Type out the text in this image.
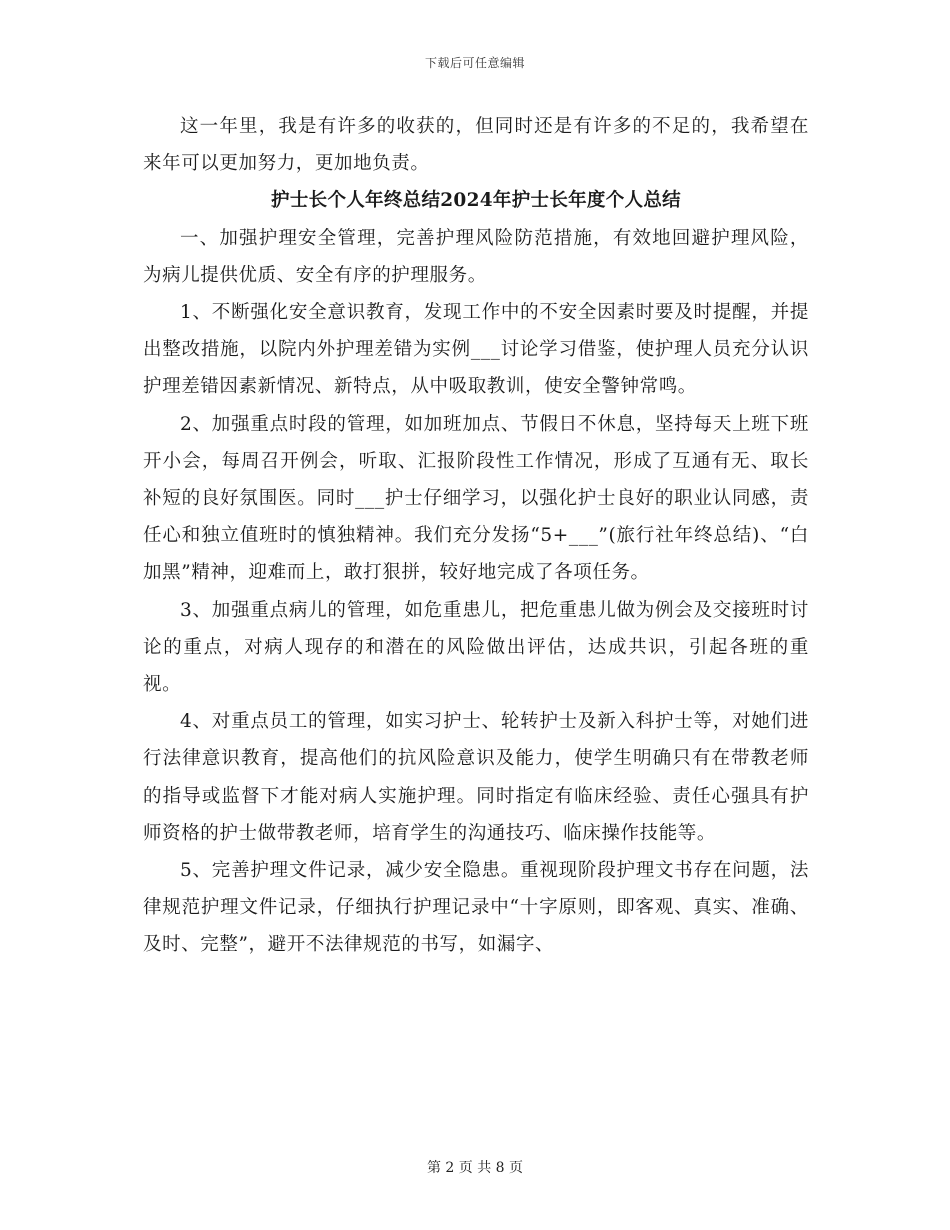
下载后可任意编辑

这一年里，我是有许多的收获的，但同时还是有许多的不足的，我希望在来年可以更加努力，更加地负责。

护士长个人年终总结2024年护士长年度个人总结

一、加强护理安全管理，完善护理风险防范措施，有效地回避护理风险，为病儿提供优质、安全有序的护理服务。

1、不断强化安全意识教育，发现工作中的不安全因素时要及时提醒，并提出整改措施，以院内外护理差错为实例___讨论学习借鉴，使护理人员充分认识护理差错因素新情况、新特点，从中吸取教训，使安全警钟常鸣。

2、加强重点时段的管理，如加班加点、节假日不休息，坚持每天上班下班开小会，每周召开例会，听取、汇报阶段性工作情况，形成了互通有无、取长补短的良好氛围医。同时___护士仔细学习，以强化护士良好的职业认同感，责任心和独立值班时的慎独精神。我们充分发扬“5+___”(旅行社年终总结)、“白加黑”精神，迎难而上，敢打狠拼，较好地完成了各项任务。

3、加强重点病儿的管理，如危重患儿，把危重患儿做为例会及交接班时讨论的重点，对病人现存的和潜在的风险做出评估，达成共识，引起各班的重视。

4、对重点员工的管理，如实习护士、轮转护士及新入科护士等，对她们进行法律意识教育，提高他们的抗风险意识及能力，使学生明确只有在带教老师的指导或监督下才能对病人实施护理。同时指定有临床经验、责任心强具有护师资格的护士做带教老师，培育学生的沟通技巧、临床操作技能等。

5、完善护理文件记录，减少安全隐患。重视现阶段护理文书存在问题，法律规范护理文件记录，仔细执行护理记录中“十字原则，即客观、真实、准确、及时、完整”，避开不法律规范的书写，如漏字、

第 2 页 共 8 页
